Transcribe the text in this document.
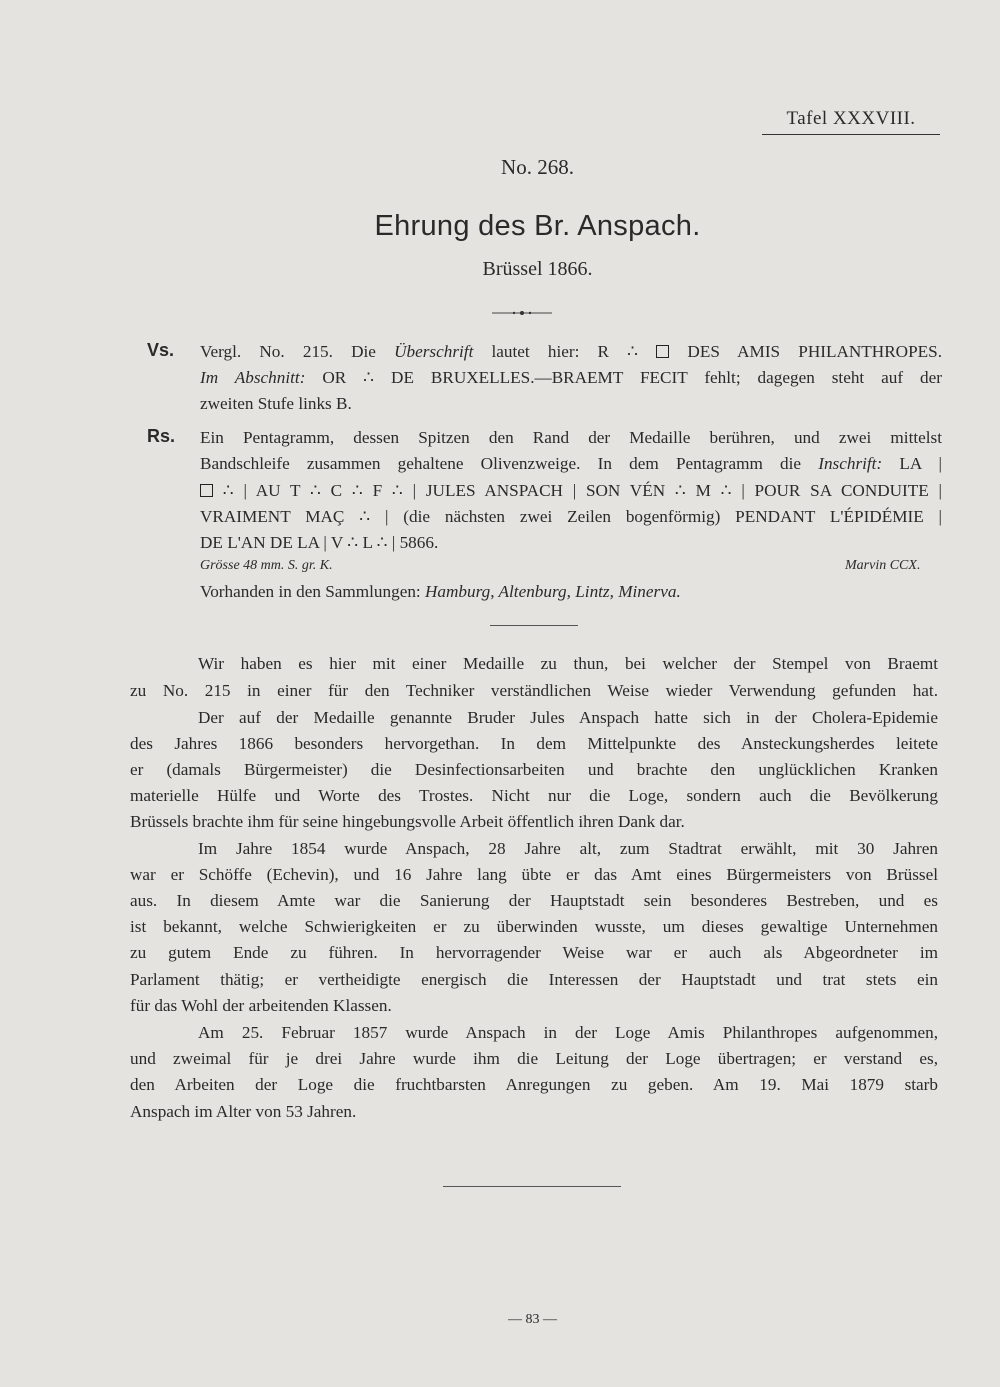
Tafel XXXVIII.
No. 268.
Ehrung des Br. Anspach.
Brüssel 1866.
Vs. Vergl. No. 215. Die Überschrift lautet hier: R ∴  DES AMIS PHILANTHROPES.
Im Abschnitt: OR ∴ DE BRUXELLES.—BRAEMT FECIT fehlt; dagegen steht auf der
zweiten Stufe links B.
Rs. Ein Pentagramm, dessen Spitzen den Rand der Medaille berühren, und zwei mittelst
Bandschleife zusammen gehaltene Olivenzweige. In dem Pentagramm die Inschrift: LA |
∴ | AU T ∴ C ∴ F ∴ | JULES ANSPACH | SON VÉN ∴ M ∴ | POUR SA CONDUITE |
VRAIMENT MAÇ ∴ | (die nächsten zwei Zeilen bogenförmig) PENDANT L'ÉPIDÉMIE |
DE L'AN DE LA | V ∴ L ∴ | 5866.
Grösse 48 mm. S. gr. K.	Marvin CCX.
Vorhanden in den Sammlungen: Hamburg, Altenburg, Lintz, Minerva.
Wir haben es hier mit einer Medaille zu thun, bei welcher der Stempel von Braemt
zu No. 215 in einer für den Techniker verständlichen Weise wieder Verwendung gefunden hat.
Der auf der Medaille genannte Bruder Jules Anspach hatte sich in der Cholera-Epidemie
des Jahres 1866 besonders hervorgethan. In dem Mittelpunkte des Ansteckungsherdes leitete
er (damals Bürgermeister) die Desinfectionsarbeiten und brachte den unglücklichen Kranken
materielle Hülfe und Worte des Trostes. Nicht nur die Loge, sondern auch die Bevölkerung
Brüssels brachte ihm für seine hingebungsvolle Arbeit öffentlich ihren Dank dar.
Im Jahre 1854 wurde Anspach, 28 Jahre alt, zum Stadtrat erwählt, mit 30 Jahren
war er Schöffe (Echevin), und 16 Jahre lang übte er das Amt eines Bürgermeisters von Brüssel
aus. In diesem Amte war die Sanierung der Hauptstadt sein besonderes Bestreben, und es
ist bekannt, welche Schwierigkeiten er zu überwinden wusste, um dieses gewaltige Unternehmen
zu gutem Ende zu führen. In hervorragender Weise war er auch als Abgeordneter im
Parlament thätig; er vertheidigte energisch die Interessen der Hauptstadt und trat stets ein
für das Wohl der arbeitenden Klassen.
Am 25. Februar 1857 wurde Anspach in der Loge Amis Philanthropes aufgenommen,
und zweimal für je drei Jahre wurde ihm die Leitung der Loge übertragen; er verstand es,
den Arbeiten der Loge die fruchtbarsten Anregungen zu geben. Am 19. Mai 1879 starb
Anspach im Alter von 53 Jahren.
— 83 —
